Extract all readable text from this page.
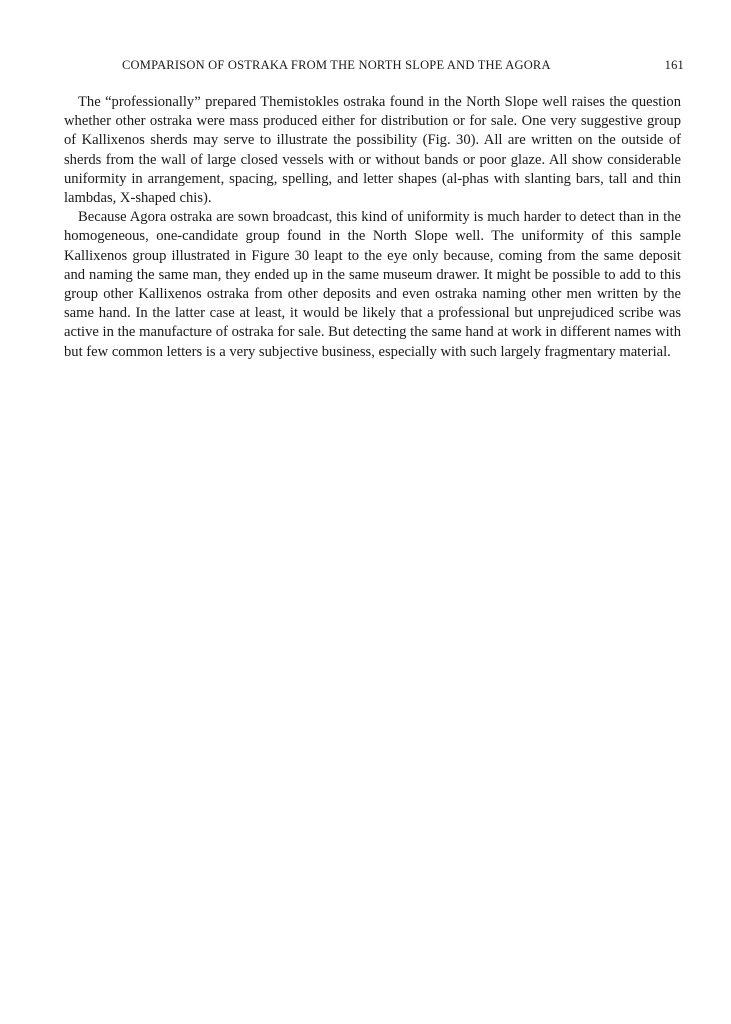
COMPARISON OF OSTRAKA FROM THE NORTH SLOPE AND THE AGORA	161

The “professionally” prepared Themistokles ostraka found in the North Slope well raises the question whether other ostraka were mass produced either for distribution or for sale. One very suggestive group of Kallixenos sherds may serve to illustrate the possibility (Fig. 30). All are written on the outside of sherds from the wall of large closed vessels with or without bands or poor glaze. All show considerable uniformity in arrangement, spacing, spelling, and letter shapes (al-phas with slanting bars, tall and thin lambdas, X-shaped chis).

Because Agora ostraka are sown broadcast, this kind of uniformity is much harder to detect than in the homogeneous, one-candidate group found in the North Slope well. The uniformity of this sample Kallixenos group illustrated in Figure 30 leapt to the eye only because, coming from the same deposit and naming the same man, they ended up in the same museum drawer. It might be possible to add to this group other Kallixenos ostraka from other deposits and even ostraka naming other men written by the same hand. In the latter case at least, it would be likely that a professional but unprejudiced scribe was active in the manufacture of ostraka for sale. But detecting the same hand at work in different names with but few common letters is a very subjective business, especially with such largely fragmentary material.
